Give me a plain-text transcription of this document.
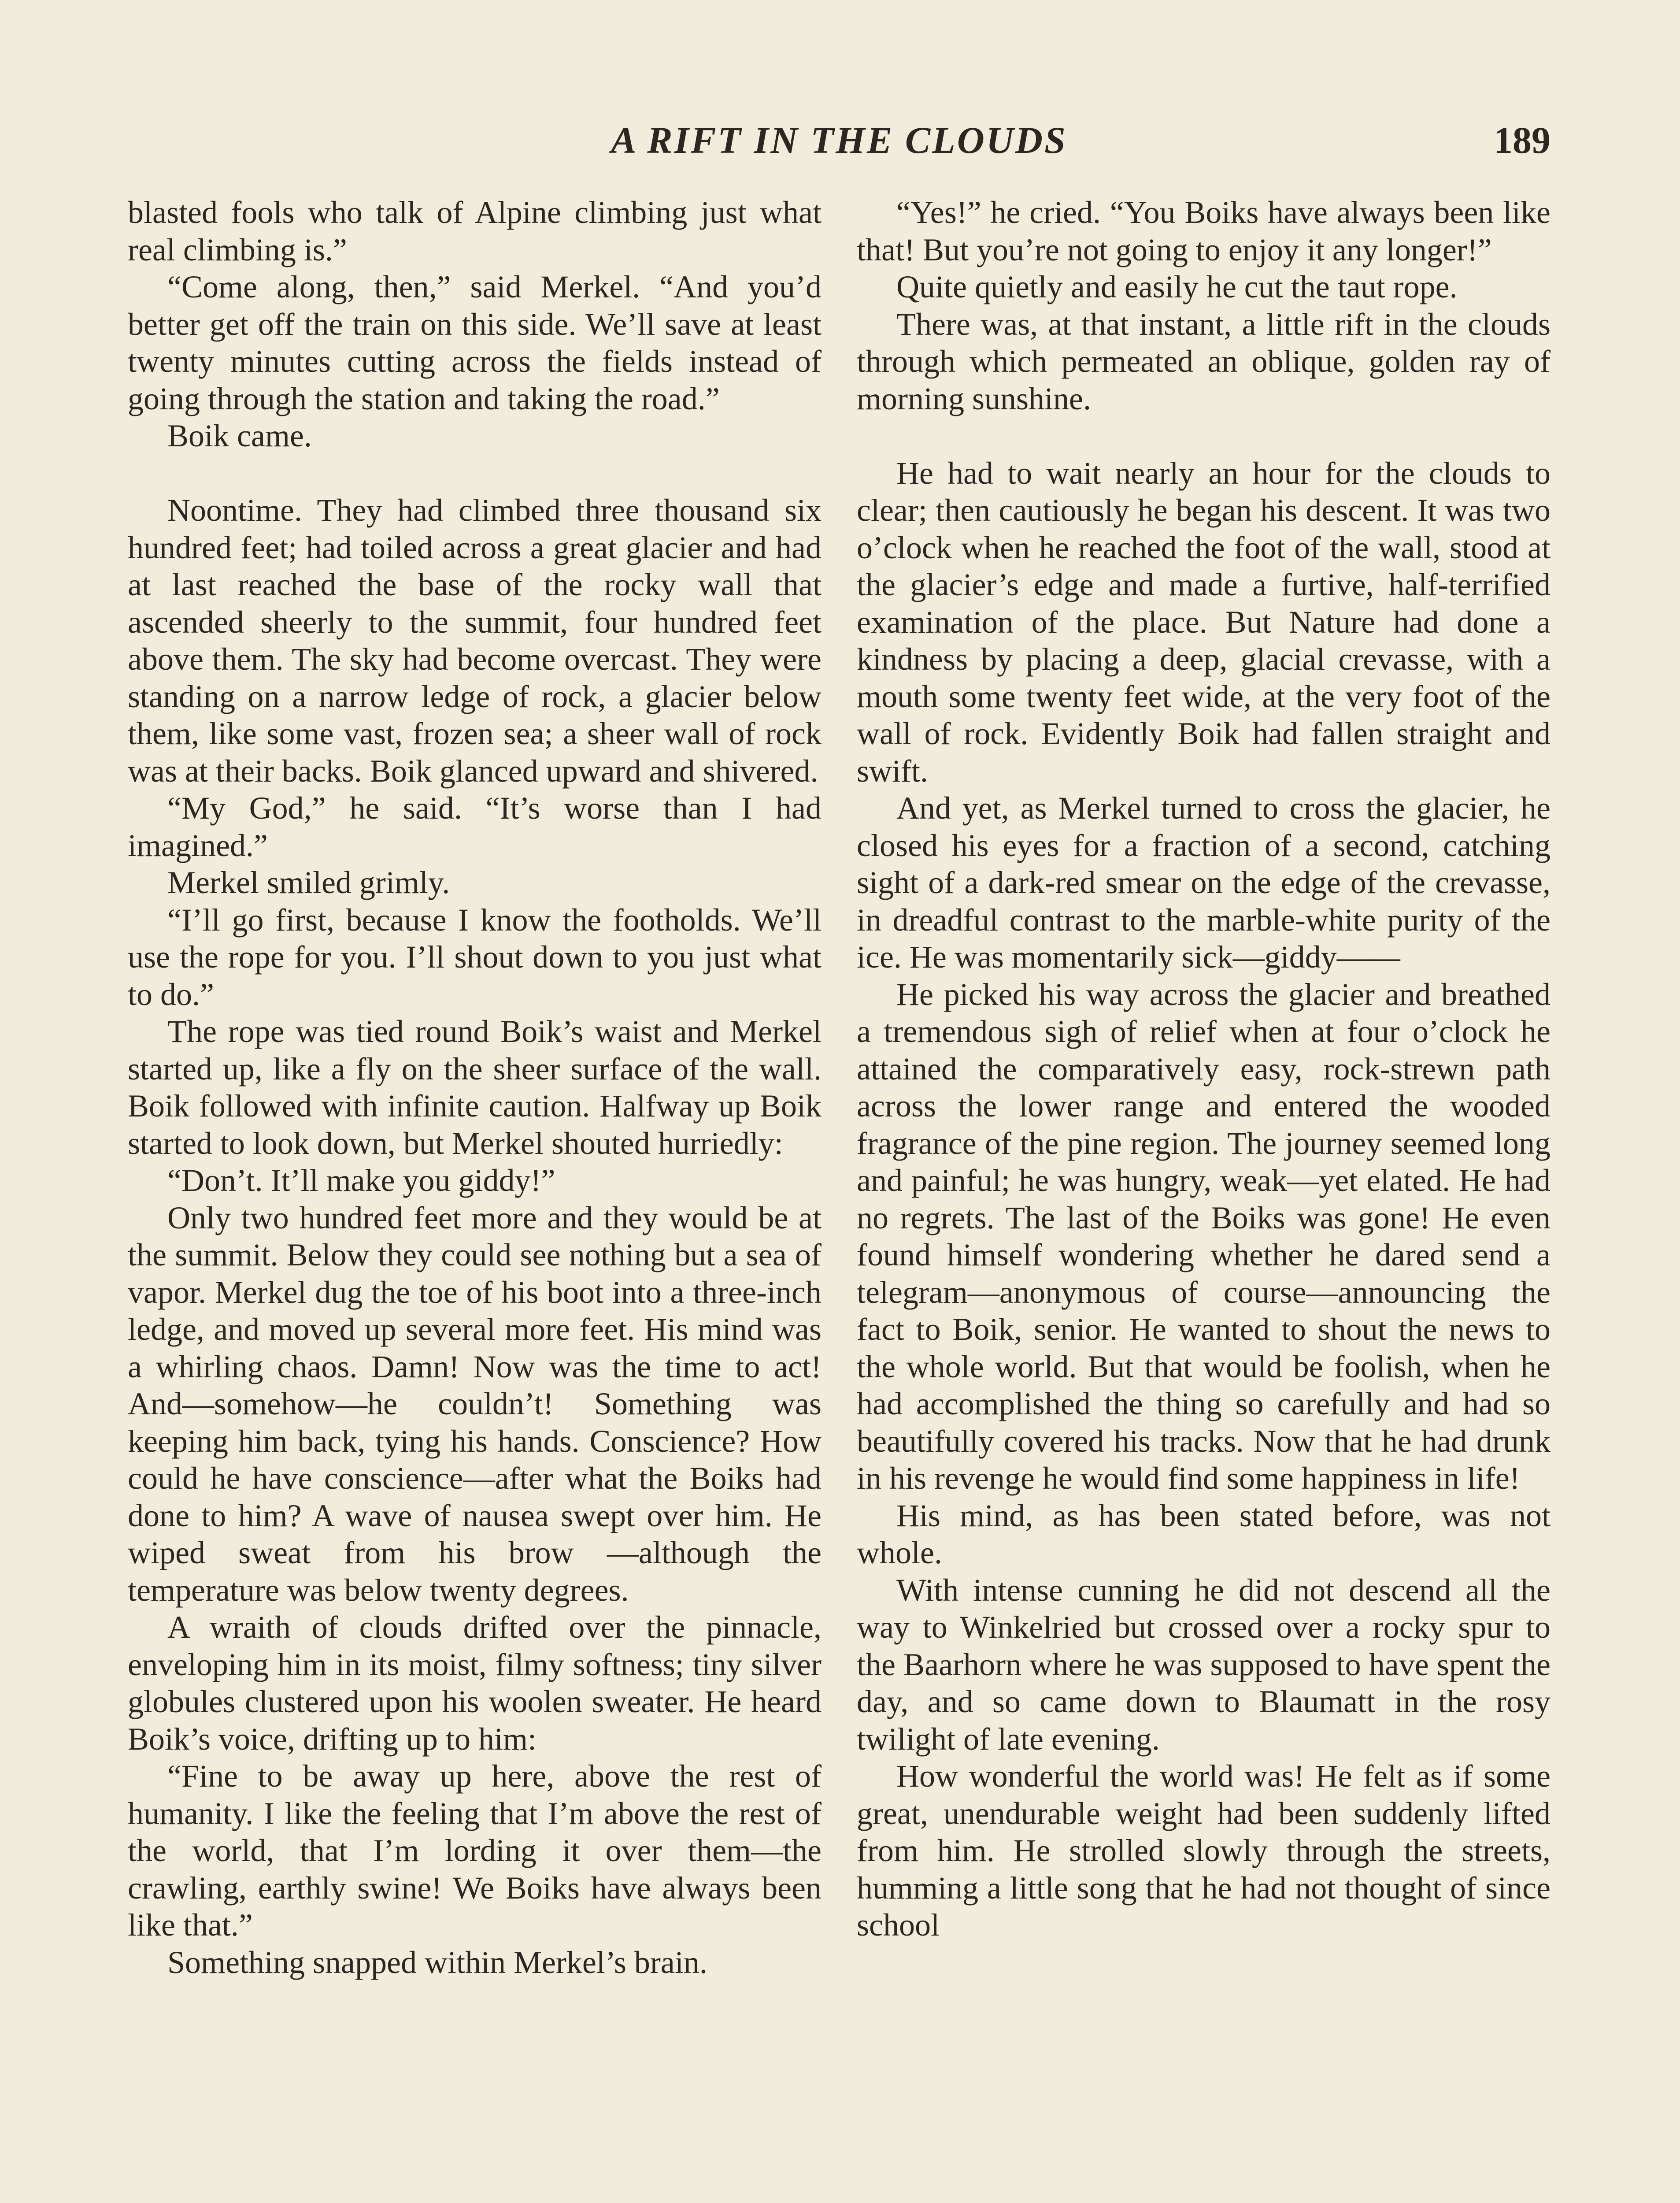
A RIFT IN THE CLOUDS	189

blasted fools who talk of Alpine climbing just what real climbing is.”

“Come along, then,” said Merkel. “And you’d better get off the train on this side. We’ll save at least twenty minutes cutting across the fields instead of going through the station and taking the road.”

Boik came.

Noontime. They had climbed three thousand six hundred feet; had toiled across a great glacier and had at last reached the base of the rocky wall that ascended sheerly to the summit, four hundred feet above them. The sky had become overcast. They were standing on a narrow ledge of rock, a glacier below them, like some vast, frozen sea; a sheer wall of rock was at their backs. Boik glanced upward and shivered.

“My God,” he said. “It’s worse than I had imagined.”

Merkel smiled grimly.

“I’ll go first, because I know the footholds. We’ll use the rope for you. I’ll shout down to you just what to do.”

The rope was tied round Boik’s waist and Merkel started up, like a fly on the sheer surface of the wall. Boik followed with infinite caution. Halfway up Boik started to look down, but Merkel shouted hurriedly:

“Don’t. It’ll make you giddy!”

Only two hundred feet more and they would be at the summit. Below they could see nothing but a sea of vapor. Merkel dug the toe of his boot into a three-inch ledge, and moved up several more feet. His mind was a whirling chaos. Damn! Now was the time to act! And—somehow—he couldn’t! Something was keeping him back, tying his hands. Conscience? How could he have conscience—after what the Boiks had done to him? A wave of nausea swept over him. He wiped sweat from his brow —although the temperature was below twenty degrees.

A wraith of clouds drifted over the pinnacle, enveloping him in its moist, filmy softness; tiny silver globules clustered upon his woolen sweater. He heard Boik’s voice, drifting up to him:

“Fine to be away up here, above the rest of humanity. I like the feeling that I’m above the rest of the world, that I’m lording it over them—the crawling, earthly swine! We Boiks have always been like that.”

Something snapped within Merkel’s brain.

“Yes!” he cried. “You Boiks have always been like that! But you’re not going to enjoy it any longer!”

Quite quietly and easily he cut the taut rope.

There was, at that instant, a little rift in the clouds through which permeated an oblique, golden ray of morning sunshine.

He had to wait nearly an hour for the clouds to clear; then cautiously he began his descent. It was two o’clock when he reached the foot of the wall, stood at the glacier’s edge and made a furtive, half-terrified examination of the place. But Nature had done a kindness by placing a deep, glacial crevasse, with a mouth some twenty feet wide, at the very foot of the wall of rock. Evidently Boik had fallen straight and swift.

And yet, as Merkel turned to cross the glacier, he closed his eyes for a fraction of a second, catching sight of a dark-red smear on the edge of the crevasse, in dreadful contrast to the marble-white purity of the ice. He was momentarily sick—giddy——

He picked his way across the glacier and breathed a tremendous sigh of relief when at four o’clock he attained the comparatively easy, rock-strewn path across the lower range and entered the wooded fragrance of the pine region. The journey seemed long and painful; he was hungry, weak—yet elated. He had no regrets. The last of the Boiks was gone! He even found himself wondering whether he dared send a telegram—anonymous of course—announcing the fact to Boik, senior. He wanted to shout the news to the whole world. But that would be foolish, when he had accomplished the thing so carefully and had so beautifully covered his tracks. Now that he had drunk in his revenge he would find some happiness in life!

His mind, as has been stated before, was not whole.

With intense cunning he did not descend all the way to Winkelried but crossed over a rocky spur to the Baarhorn where he was supposed to have spent the day, and so came down to Blaumatt in the rosy twilight of late evening.

How wonderful the world was! He felt as if some great, unendurable weight had been suddenly lifted from him. He strolled slowly through the streets, humming a little song that he had not thought of since school
